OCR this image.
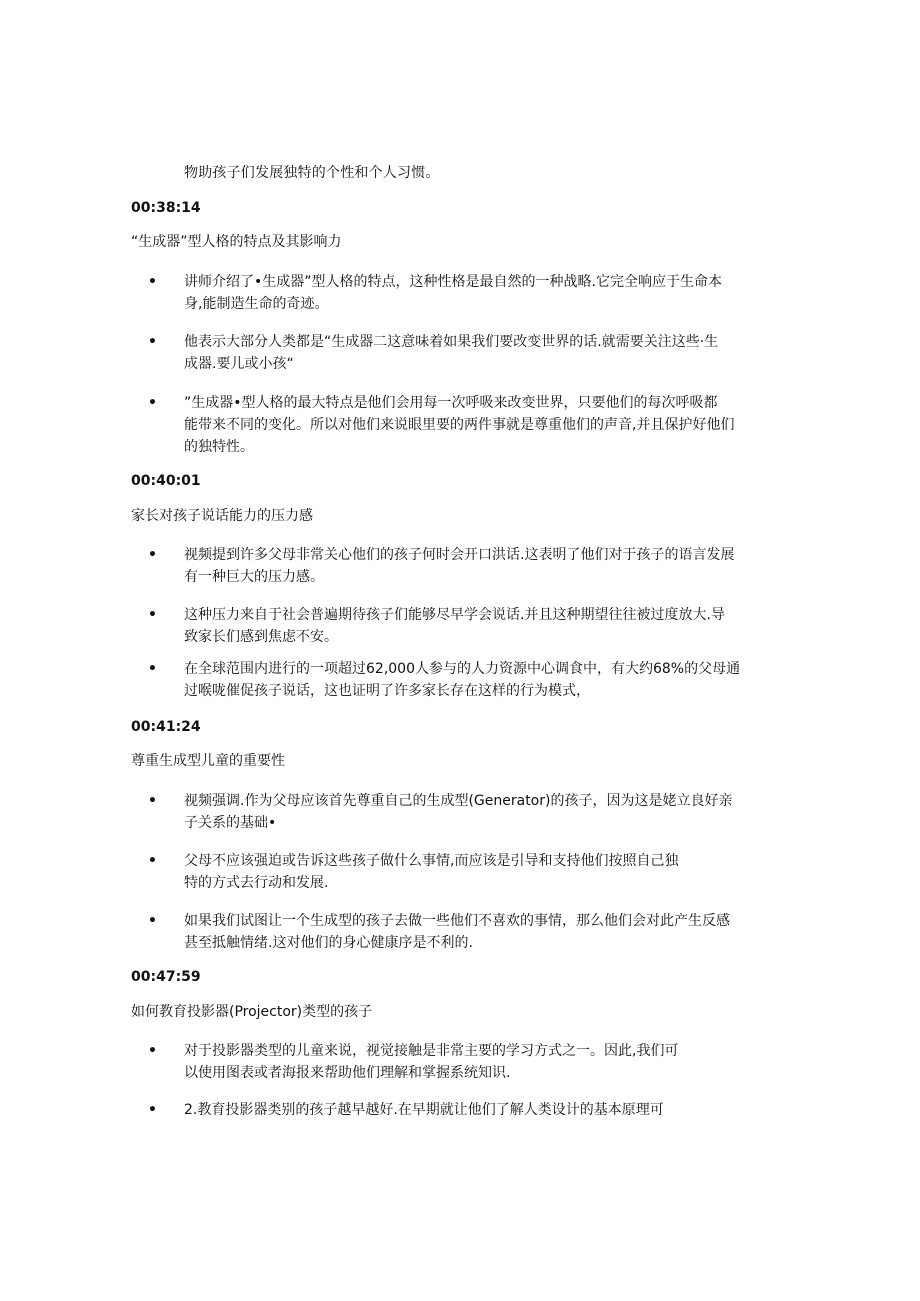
物助孩子们发展独特的个性和个人习惯。
00:38:14
“生成器”型人格的特点及其影响力
• 讲师介绍了•生成器”型人格的特点，这种性格是最自然的一种战略.它完全响应于生命本
身,能制造生命的奇迹。
• 他表示大部分人类都是“生成器二这意味着如果我们要改变世界的话.就需要关注这些·生
成器.要儿或小孩“
• ”生成器•型人格的最大特点是他们会用每一次呼吸来改变世界，只要他们的每次呼吸都
能带来不同的变化。所以对他们来说眼里要的两件事就是尊重他们的声音,并且保护好他们
的独特性。
00:40:01
家长对孩子说话能力的压力感
• 视频提到许多父母非常关心他们的孩子何时会开口洪话.这表明了他们对于孩子的语言发展
有一种巨大的压力感。
• 这种压力来自于社会普遍期待孩子们能够尽早学会说话.并且这种期望往往被过度放大.导
致家长们感到焦虑不安。
• 在全球范围内进行的一项超过62,000人参与的人力资源中心调食中，有大约68%的父母通
过喉咙催促孩子说话，这也证明了许多家长存在这样的行为模式，
00:41:24
尊重生成型儿童的重要性
• 视频强调.作为父母应该首先尊重自己的生成型(Generator)的孩子，因为这是姥立良好亲
子关系的基础•
• 父母不应该强迫或告诉这些孩子做什么事情,而应该是引导和支持他们按照自己独
特的方式去行动和发展.
• 如果我们试图让一个生成型的孩子去做一些他们不喜欢的事情，那么他们会对此产生反感
甚至抵触情绪.这对他们的身心健康序是不利的.
00:47:59
如何教育投影器(Projector)类型的孩子
• 对于投影器类型的儿童来说，视觉接触是非常主要的学习方式之一。因此,我们可
以使用图表或者海报来帮助他们理解和掌握系统知识.
• 2.教育投影器类别的孩子越早越好.在早期就让他们了解人类设计的基本原理可
